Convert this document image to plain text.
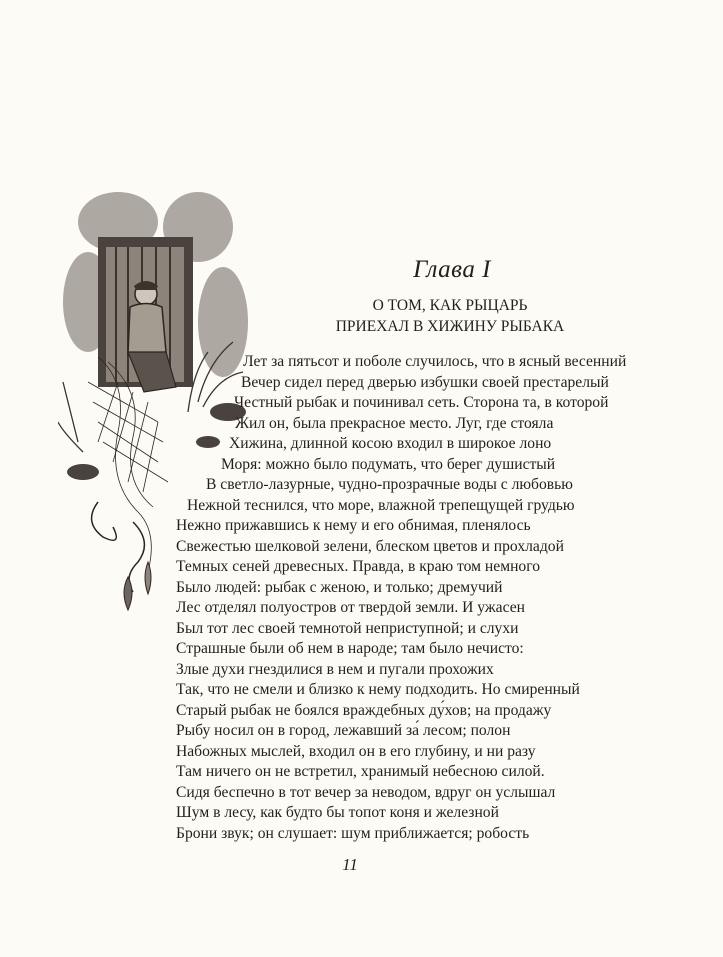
Глава I
О ТОМ, КАК РЫЦАРЬ
ПРИЕХАЛ В ХИЖИНУ РЫБАКА
Лет за пятьсот и поболе случилось, что в ясный весенний
Вечер сидел перед дверью избушки своей престарелый
Честный рыбак и починивал сеть. Сторона та, в которой
Жил он, была прекрасное место. Луг, где стояла
Хижина, длинной косою входил в широкое лоно
Моря: можно было подумать, что берег душистый
В светло-лазурные, чудно-прозрачные воды с любовью
Нежной теснился, что море, влажной трепещущей грудью
Нежно прижавшись к нему и его обнимая, пленялось
Свежестью шелковой зелени, блеском цветов и прохладой
Темных сеней древесных. Правда, в краю том немного
Было людей: рыбак с женою, и только; дремучий
Лес отделял полуостров от твердой земли. И ужасен
Был тот лес своей темнотой неприступной; и слухи
Страшные были об нем в народе; там было нечисто:
Злые духи гнездилися в нем и пугали прохожих
Так, что не смели и близко к нему подходить. Но смиренный
Старый рыбак не боялся враждебных ду́хов; на продажу
Рыбу носил он в город, лежавший за́ лесом; полон
Набожных мыслей, входил он в его глубину, и ни разу
Там ничего он не встретил, хранимый небесною силой.
Сидя беспечно в тот вечер за неводом, вдруг он услышал
Шум в лесу, как будто бы топот коня и железной
Брони звук; он слушает: шум приближается; робость
11
